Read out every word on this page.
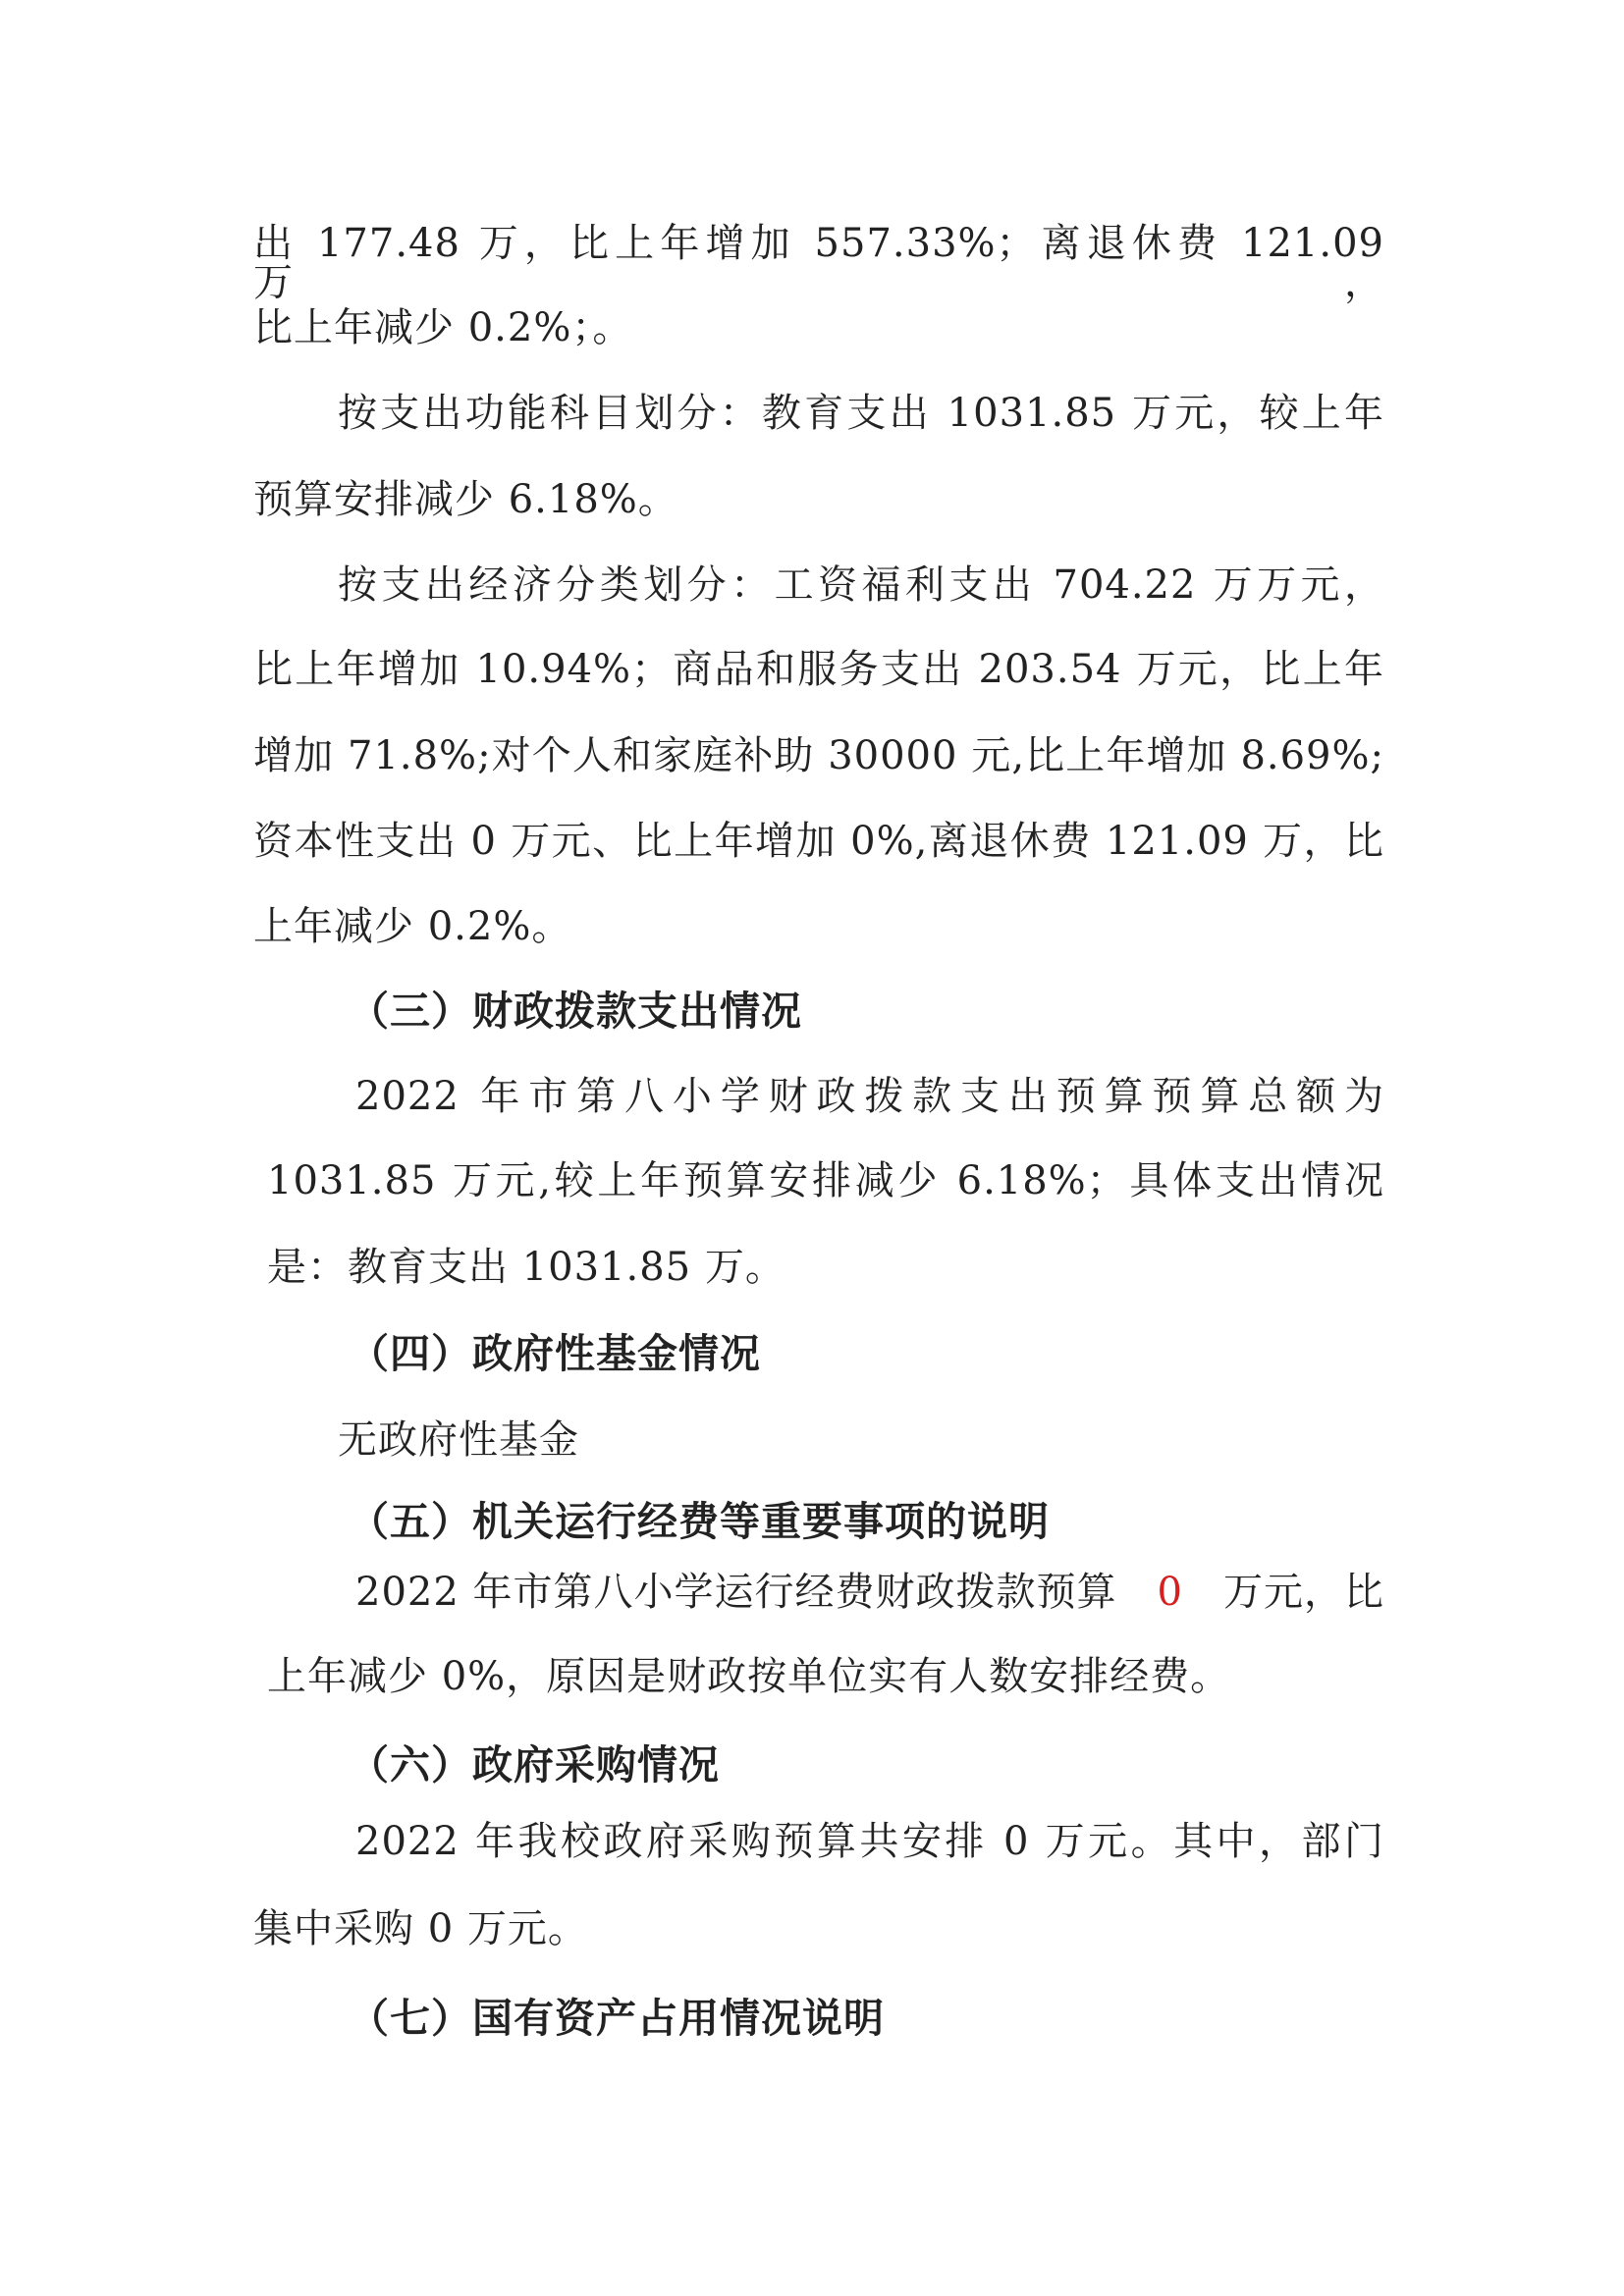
出 177.48 万，比上年增加 557.33%；离退休费 121.09 万，
比上年减少 0.2%；。
按支出功能科目划分：教育支出 1031.85 万元，较上年
预算安排减少 6.18%。
按支出经济分类划分：工资福利支出 704.22 万万元，
比上年增加 10.94%；商品和服务支出 203.54 万元，比上年
增加 71.8%;对个人和家庭补助 30000 元,比上年增加 8.69%;
资本性支出 0 万元、比上年增加 0%,离退休费 121.09 万，比
上年减少 0.2%。
（三）财政拨款支出情况
2022 年市第八小学财政拨款支出预算预算总额为
1031.85 万元,较上年预算安排减少 6.18%；具体支出情况
是：教育支出 1031.85 万。
（四）政府性基金情况
无政府性基金
（五）机关运行经费等重要事项的说明
2022 年市第八小学运行经费财政拨款预算 0 万元，比
上年减少 0%，原因是财政按单位实有人数安排经费。
（六）政府采购情况
2022 年我校政府采购预算共安排 0 万元。其中，部门
集中采购 0 万元。
（七）国有资产占用情况说明
